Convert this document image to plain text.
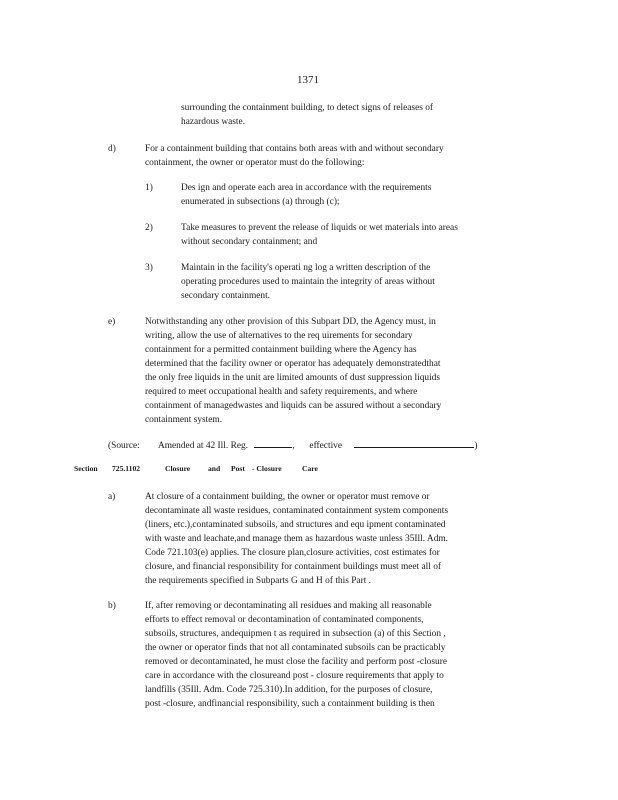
1371
surrounding the containment building, to detect signs of releases of
hazardous waste.
d)	For a containment building that contains both areas with and without secondary
containment, the owner or operator must do the following:
1)	Des ign and operate each area in accordance with the requirements
enumerated in subsections (a) through (c);
2)	Take measures to prevent the release of liquids or wet materials into areas
without secondary containment; and
3)	Maintain in the facility's operati ng log a written description of the
operating procedures used to maintain the integrity of areas without
secondary containment.
e)	Notwithstanding any other provision of this Subpart DD, the Agency must, in
writing, allow the use of alternatives to the req uirements for secondary
containment for a permitted containment building where the Agency has
determined that the facility owner or operator has adequately demonstratedthat
the only free liquids in the unit are limited amounts of dust suppression liquids
required to meet occupational health and safety requirements, and where
containment of managedwastes and liquids can be assured without a secondary
containment system.
(Source: Amended at 42 Ill. Reg.	, effective	)
Section 725.1102	Closure and Post - Closure	Care
a)	At closure of a containment building, the owner or operator must remove or
decontaminate all waste residues, contaminated containment system components
(liners, etc.),contaminated subsoils, and structures and equ ipment contaminated
with waste and leachate,and manage them as hazardous waste unless 35Ill. Adm.
Code 721.103(e) applies. The closure plan,closure activities, cost estimates for
closure, and financial responsibility for containment buildings must meet all of
the requirements specified in Subparts G and H of this Part .
b)	If, after removing or decontaminating all residues and making all reasonable
efforts to effect removal or decontamination of contaminated components,
subsoils, structures, andequipmen t as required in subsection (a) of this Section ,
the owner or operator finds that not all contaminated subsoils can be practicably
removed or decontaminated, he must close the facility and perform post -closure
care in accordance with the closureand post - closure requirements that apply to
landfills (35Ill. Adm. Code 725.310).In addition, for the purposes of closure,
post -closure, andfinancial responsibility, such a containment building is then
